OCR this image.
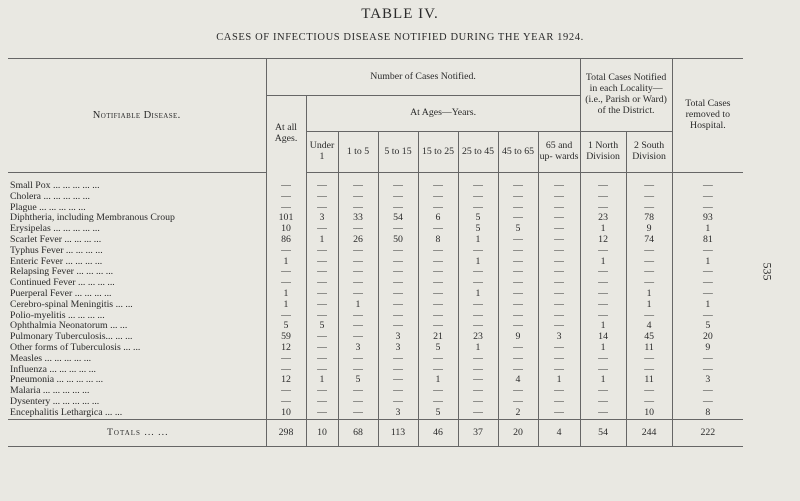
TABLE IV.
CASES OF INFECTIOUS DISEASE NOTIFIED DURING THE YEAR 1924.
535
Notifiable Disease.	Number of Cases Notified.								Total Cases Notified in each Locality—(i.e., Parish or Ward) of the District.		Total Cases removed to Hospital.
	At all Ages.	At Ages—Years.									
		Under 1	1 to 5	5 to 15	15 to 25	25 to 45	45 to 65	65 and up- wards	1 North Division	2 South Division	
Small Pox ... ... ... ... ...	—	—	—	—	—	—	—	—	—	—	—
Cholera ... ... ... ... ...	—	—	—	—	—	—	—	—	—	—	—
Plague ... ... ... ... ...	—	—	—	—	—	—	—	—	—	—	—
Diphtheria, including Membranous Croup	101	3	33	54	6	5	—	—	23	78	93
Erysipelas ... ... ... ... ...	10	—	—	—	—	5	5	—	1	9	1
Scarlet Fever ... ... ... ...	86	1	26	50	8	1	—	—	12	74	81
Typhus Fever ... ... ... ...	—	—	—	—	—	—	—	—	—	—	—
Enteric Fever ... ... ... ...	1	—	—	—	—	1	—	—	1	—	1
Relapsing Fever ... ... ... ...	—	—	—	—	—	—	—	—	—	—	—
Continued Fever ... ... ... ...	—	—	—	—	—	—	—	—	—	—	—
Puerperal Fever ... ... ... ...	1	—	—	—	—	1	—	—	—	1	—
Cerebro-spinal Meningitis ... ...	1	—	1	—	—	—	—	—	—	1	1
Polio-myelitis ... ... ... ...	—	—	—	—	—	—	—	—	—	—	—
Ophthalmia Neonatorum ... ...	5	5	—	—	—	—	—	—	1	4	5
Pulmonary Tuberculosis... ... ...	59	—	—	3	21	23	9	3	14	45	20
Other forms of Tuberculosis ... ...	12	—	3	3	5	1	—	—	1	11	9
Measles ... ... ... ... ...	—	—	—	—	—	—	—	—	—	—	—
Influenza ... ... ... ... ...	—	—	—	—	—	—	—	—	—	—	—
Pneumonia ... ... ... ... ...	12	1	5	—	1	—	4	1	1	11	3
Malaria ... ... ... ... ...	—	—	—	—	—	—	—	—	—	—	—
Dysentery ... ... ... ... ...	—	—	—	—	—	—	—	—	—	—	—
Encephalitis Lethargica ... ...	10	—	—	3	5	—	2	—	—	10	8
Totals ... ...	298	10	68	113	46	37	20	4	54	244	222
